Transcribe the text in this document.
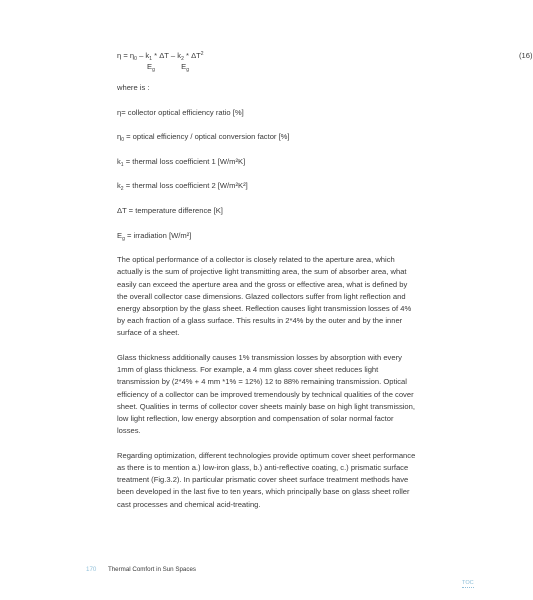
$\eta = \eta_0 - k_1 * \Delta T - k_2 * \Delta T^2$
$E_g$	$E_g$
(16)

where is :

η= collector optical efficiency ratio [%]

$\eta_0$ = optical efficiency / optical conversion factor [%]

$k_1$ = thermal loss coefficient 1 [W/m²K]

$k_2$ = thermal loss coefficient 2 [W/m²K²]

ΔT = temperature difference [K]

$E_g$ = irradiation [W/m²]

The optical performance of a collector is closely related to the aperture area, which actually is the sum of projective light transmitting area, the sum of absorber area, what easily can exceed the aperture area and the gross or effective area, what is defined by the overall collector case dimensions. Glazed collectors suffer from light reflection and energy absorption by the glass sheet. Reflection causes light transmission losses of 4% by each fraction of a glass surface. This results in 2*4% by the outer and by the inner surface of a sheet.

Glass thickness additionally causes 1% transmission losses by absorption with every 1mm of glass thickness. For example, a 4 mm glass cover sheet reduces light transmission by (2*4% + 4 mm *1% = 12%) 12 to 88% remaining transmission. Optical efficiency of a collector can be improved tremendously by technical qualities of the cover sheet. Qualities in terms of collector cover sheets mainly base on high light transmission, low light reflection, low energy absorption and compensation of solar normal factor losses.

Regarding optimization, different technologies provide optimum cover sheet performance as there is to mention a.) low-iron glass, b.) anti-reflective coating, c.) prismatic surface treatment (Fig.3.2). In particular prismatic cover sheet surface treatment methods have been developed in the last five to ten years, which principally base on glass sheet roller cast processes and chemical acid-treating.

170 Thermal Comfort in Sun Spaces
TOC
